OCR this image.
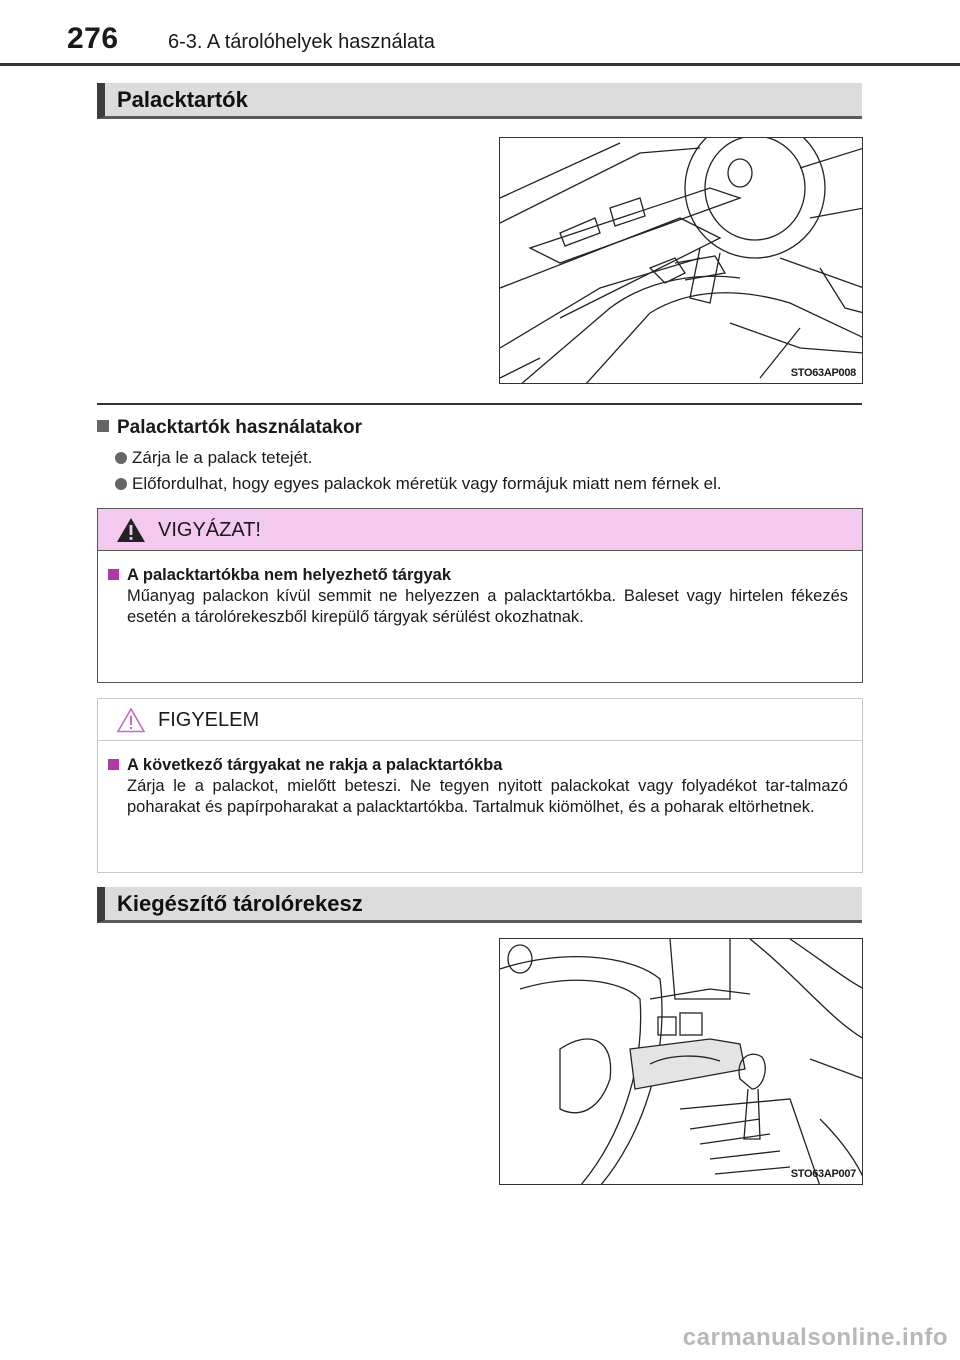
276 6-3. A tárolóhelyek használata
Palacktartók
STO63AP008
Palacktartók használatakor
Zárja le a palack tetejét.
Előfordulhat, hogy egyes palackok méretük vagy formájuk miatt nem férnek el.
VIGYÁZAT!
A palacktartókba nem helyezhető tárgyak
Műanyag palackon kívül semmit ne helyezzen a palacktartókba. Baleset vagy hirtelen fékezés esetén a tárolórekeszből kirepülő tárgyak sérülést okozhatnak.
FIGYELEM
A következő tárgyakat ne rakja a palacktartókba
Zárja le a palackot, mielőtt beteszi. Ne tegyen nyitott palackokat vagy folyadékot tar-talmazó poharakat és papírpoharakat a palacktartókba. Tartalmuk kiömölhet, és a poharak eltörhetnek.
Kiegészítő tárolórekesz
STO63AP007
carmanualsonline.info
